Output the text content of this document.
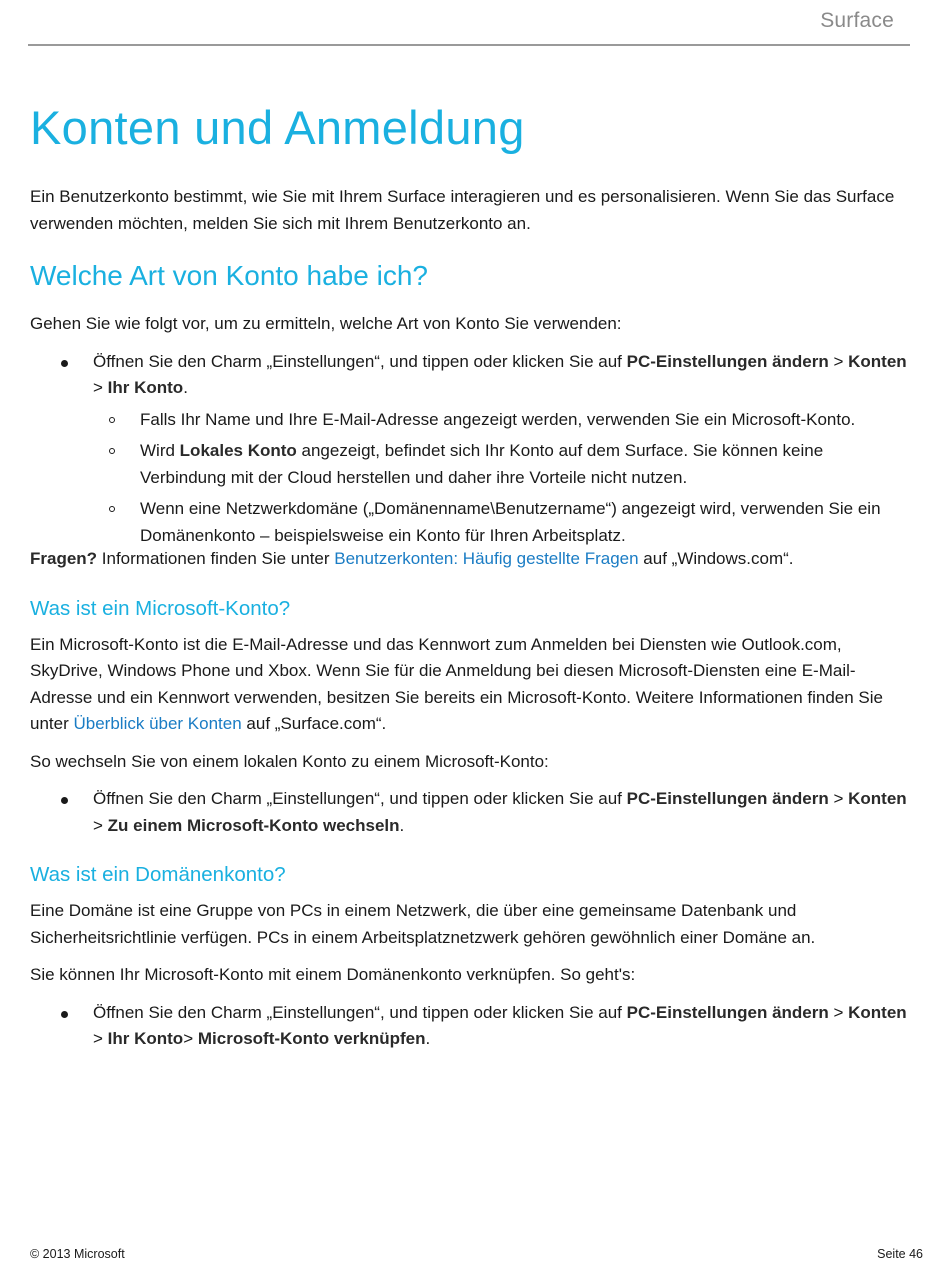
Surface
Konten und Anmeldung

Ein Benutzerkonto bestimmt, wie Sie mit Ihrem Surface interagieren und es personalisieren. Wenn Sie das Surface verwenden möchten, melden Sie sich mit Ihrem Benutzerkonto an.

Welche Art von Konto habe ich?

Gehen Sie wie folgt vor, um zu ermitteln, welche Art von Konto Sie verwenden:

Öffnen Sie den Charm „Einstellungen“, und tippen oder klicken Sie auf PC-Einstellungen ändern > Konten > Ihr Konto.
Falls Ihr Name und Ihre E-Mail-Adresse angezeigt werden, verwenden Sie ein Microsoft-Konto.
Wird Lokales Konto angezeigt, befindet sich Ihr Konto auf dem Surface. Sie können keine Verbindung mit der Cloud herstellen und daher ihre Vorteile nicht nutzen.
Wenn eine Netzwerkdomäne („Domänenname\Benutzername“) angezeigt wird, verwenden Sie ein Domänenkonto – beispielsweise ein Konto für Ihren Arbeitsplatz.

Fragen? Informationen finden Sie unter Benutzerkonten: Häufig gestellte Fragen auf „Windows.com“.

Was ist ein Microsoft-Konto?

Ein Microsoft-Konto ist die E-Mail-Adresse und das Kennwort zum Anmelden bei Diensten wie Outlook.com, SkyDrive, Windows Phone und Xbox. Wenn Sie für die Anmeldung bei diesen Microsoft-Diensten eine E-Mail-Adresse und ein Kennwort verwenden, besitzen Sie bereits ein Microsoft-Konto. Weitere Informationen finden Sie unter Überblick über Konten auf „Surface.com“.

So wechseln Sie von einem lokalen Konto zu einem Microsoft-Konto:

Öffnen Sie den Charm „Einstellungen“, und tippen oder klicken Sie auf PC-Einstellungen ändern > Konten > Zu einem Microsoft-Konto wechseln.
Was ist ein Domänenkonto?

Eine Domäne ist eine Gruppe von PCs in einem Netzwerk, die über eine gemeinsame Datenbank und Sicherheitsrichtlinie verfügen. PCs in einem Arbeitsplatznetzwerk gehören gewöhnlich einer Domäne an.

Sie können Ihr Microsoft-Konto mit einem Domänenkonto verknüpfen. So geht's:

Öffnen Sie den Charm „Einstellungen“, und tippen oder klicken Sie auf PC-Einstellungen ändern > Konten > Ihr Konto> Microsoft-Konto verknüpfen.
© 2013 Microsoft	Seite 46
